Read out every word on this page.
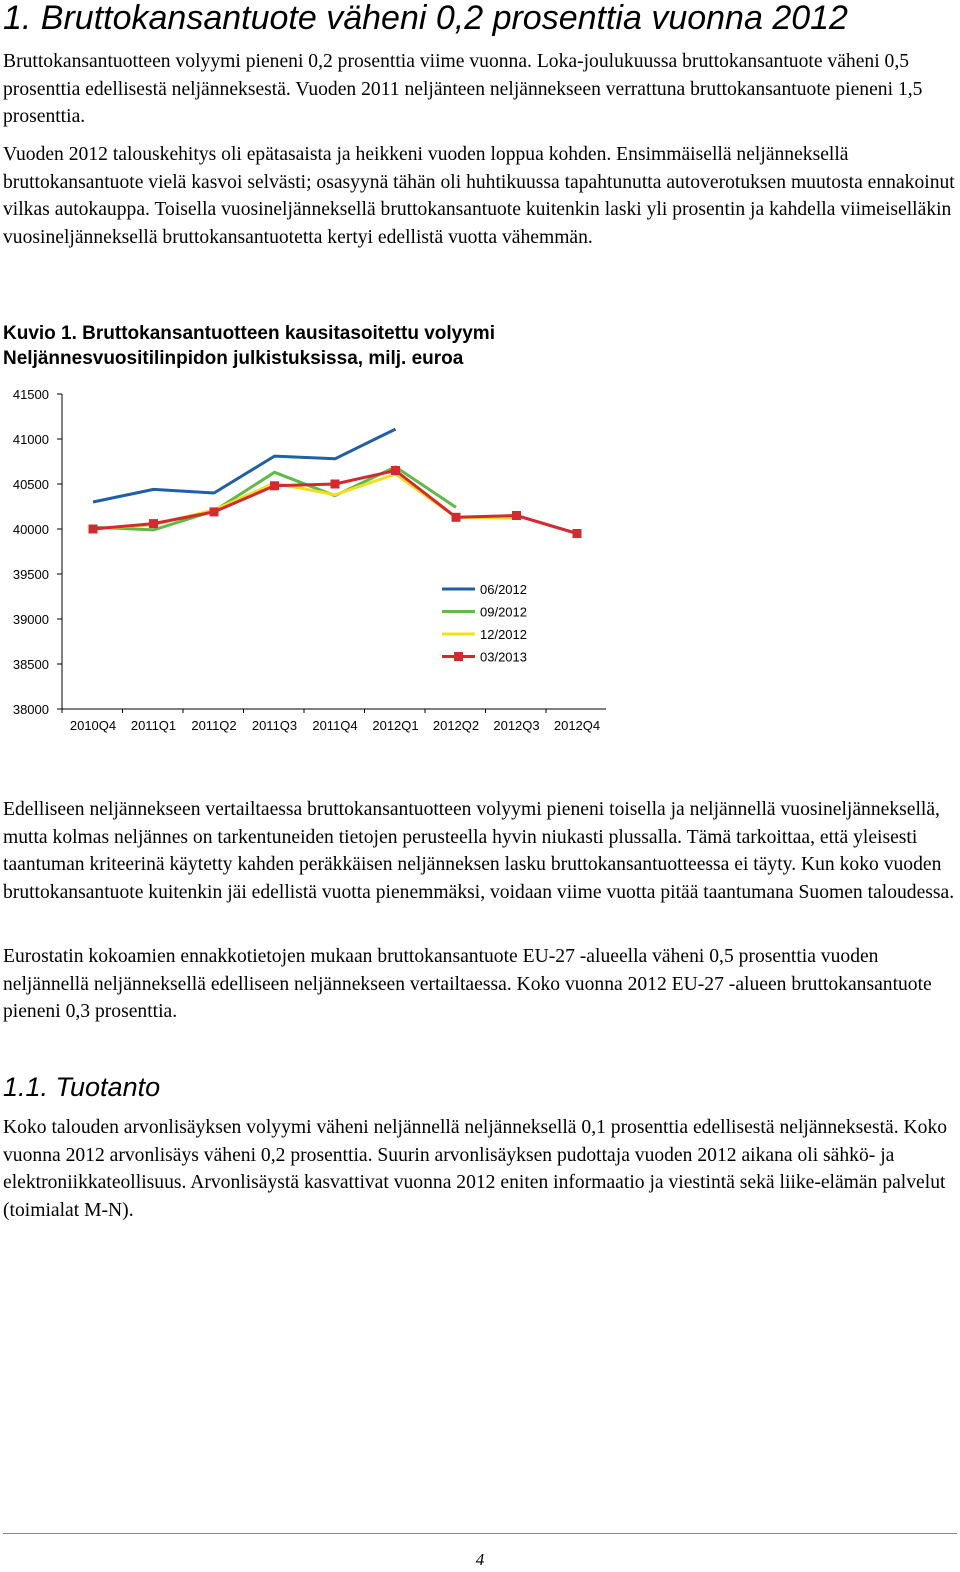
1. Bruttokansantuote väheni 0,2 prosenttia vuonna 2012

Bruttokansantuotteen volyymi pieneni 0,2 prosenttia viime vuonna. Loka-joulukuussa bruttokansantuote väheni 0,5 prosenttia edellisestä neljänneksestä. Vuoden 2011 neljänteen neljännekseen verrattuna bruttokansantuote pieneni 1,5 prosenttia.

Vuoden 2012 talouskehitys oli epätasaista ja heikkeni vuoden loppua kohden. Ensimmäisellä neljänneksellä bruttokansantuote vielä kasvoi selvästi; osasyynä tähän oli huhtikuussa tapahtunutta autoverotuksen muutosta ennakoinut vilkas autokauppa. Toisella vuosineljänneksellä bruttokansantuote kuitenkin laski yli prosentin ja kahdella viimeiselläkin vuosineljänneksellä bruttokansantuotetta kertyi edellistä vuotta vähemmän.

Kuvio 1. Bruttokansantuotteen kausitasoitettu volyymi
Neljännesvuositilinpidon julkistuksissa, milj. euroa
38000
38500
39000
39500
40000
40500
41000
41500
2010Q4 2011Q1 2011Q2 2011Q3 2011Q4 2012Q1 2012Q2 2012Q3 2012Q4
06/2012
09/2012
12/2012
03/2013

Edelliseen neljännekseen vertailtaessa bruttokansantuotteen volyymi pieneni toisella ja neljännellä vuosineljänneksellä, mutta kolmas neljännes on tarkentuneiden tietojen perusteella hyvin niukasti plussalla. Tämä tarkoittaa, että yleisesti taantuman kriteerinä käytetty kahden peräkkäisen neljänneksen lasku bruttokansantuotteessa ei täyty. Kun koko vuoden bruttokansantuote kuitenkin jäi edellistä vuotta pienemmäksi, voidaan viime vuotta pitää taantumana Suomen taloudessa.

Eurostatin kokoamien ennakkotietojen mukaan bruttokansantuote EU-27 -alueella väheni 0,5 prosenttia vuoden neljännellä neljänneksellä edelliseen neljännekseen vertailtaessa. Koko vuonna 2012 EU-27 -alueen bruttokansantuote pieneni 0,3 prosenttia.

1.1. Tuotanto

Koko talouden arvonlisäyksen volyymi väheni neljännellä neljänneksellä 0,1 prosenttia edellisestä neljänneksestä. Koko vuonna 2012 arvonlisäys väheni 0,2 prosenttia. Suurin arvonlisäyksen pudottaja vuoden 2012 aikana oli sähkö- ja elektroniikkateollisuus. Arvonlisäystä kasvattivat vuonna 2012 eniten informaatio ja viestintä sekä liike-elämän palvelut (toimialat M-N).

4
